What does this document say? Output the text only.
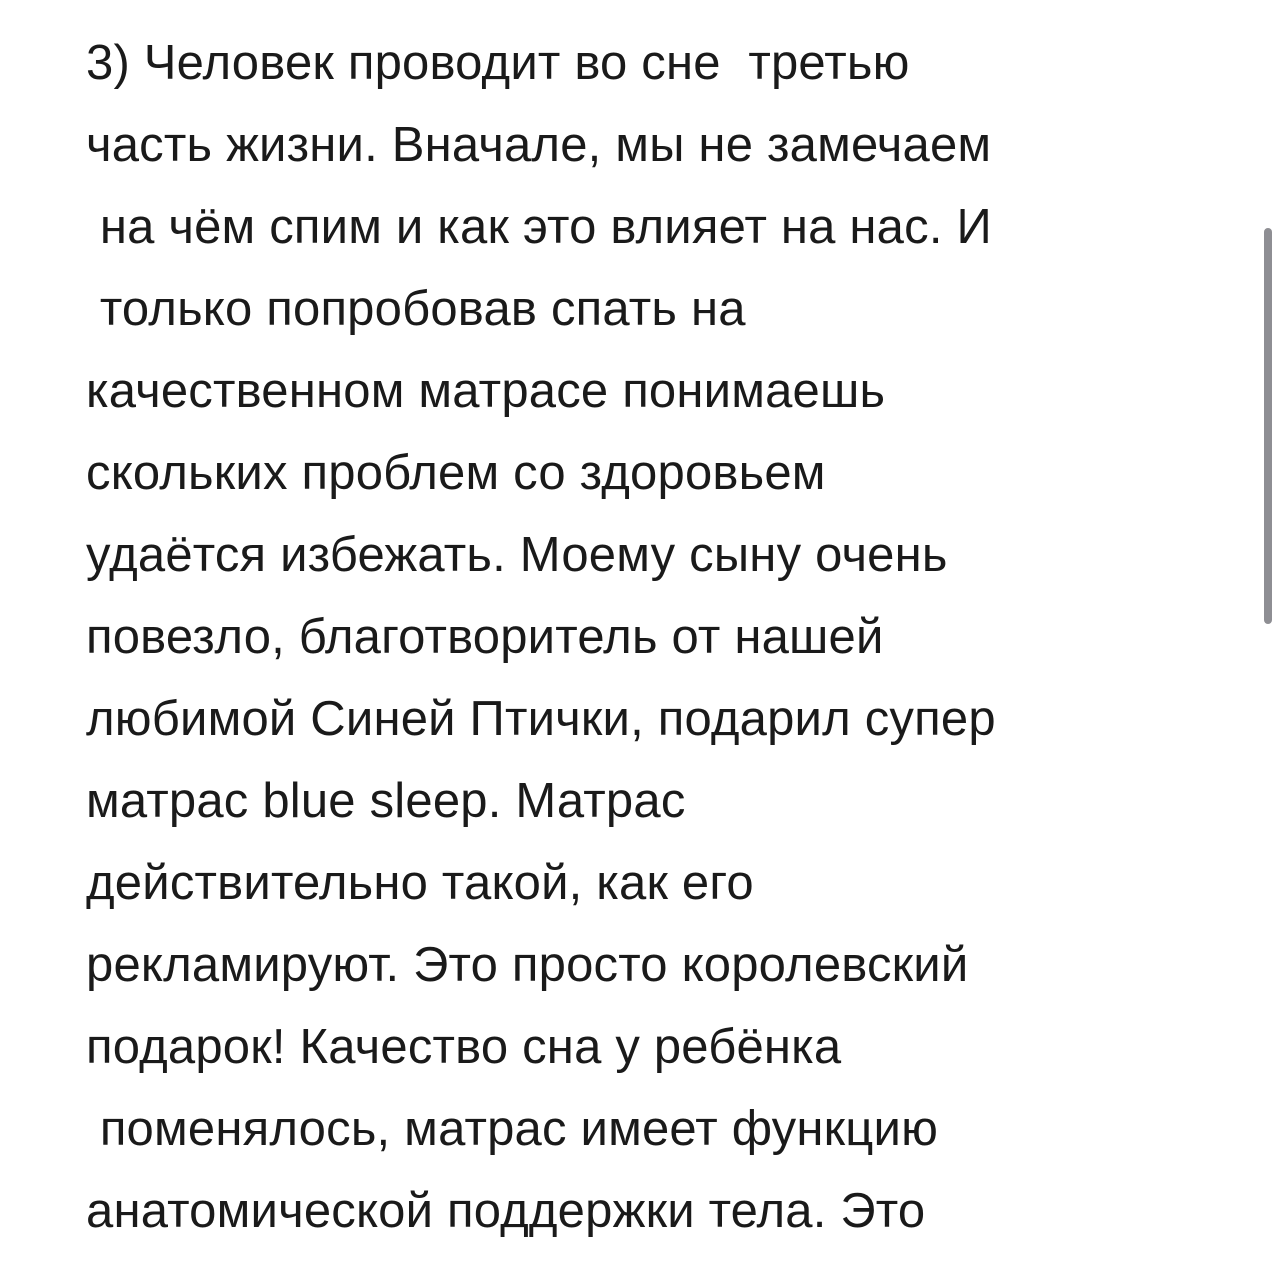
3) Человек проводит во сне  третью
часть жизни. Вначале, мы не замечаем
на чём спим и как это влияет на нас. И
только попробовав спать на
качественном матрасе понимаешь
скольких проблем со здоровьем
удаётся избежать. Моему сыну очень
повезло, благотворитель от нашей
любимой Синей Птички, подарил супер
матрас blue sleep. Матрас
действительно такой, как его
рекламируют. Это просто королевский
подарок! Качество сна у ребёнка
поменялось, матрас имеет функцию
анатомической поддержки тела. Это
